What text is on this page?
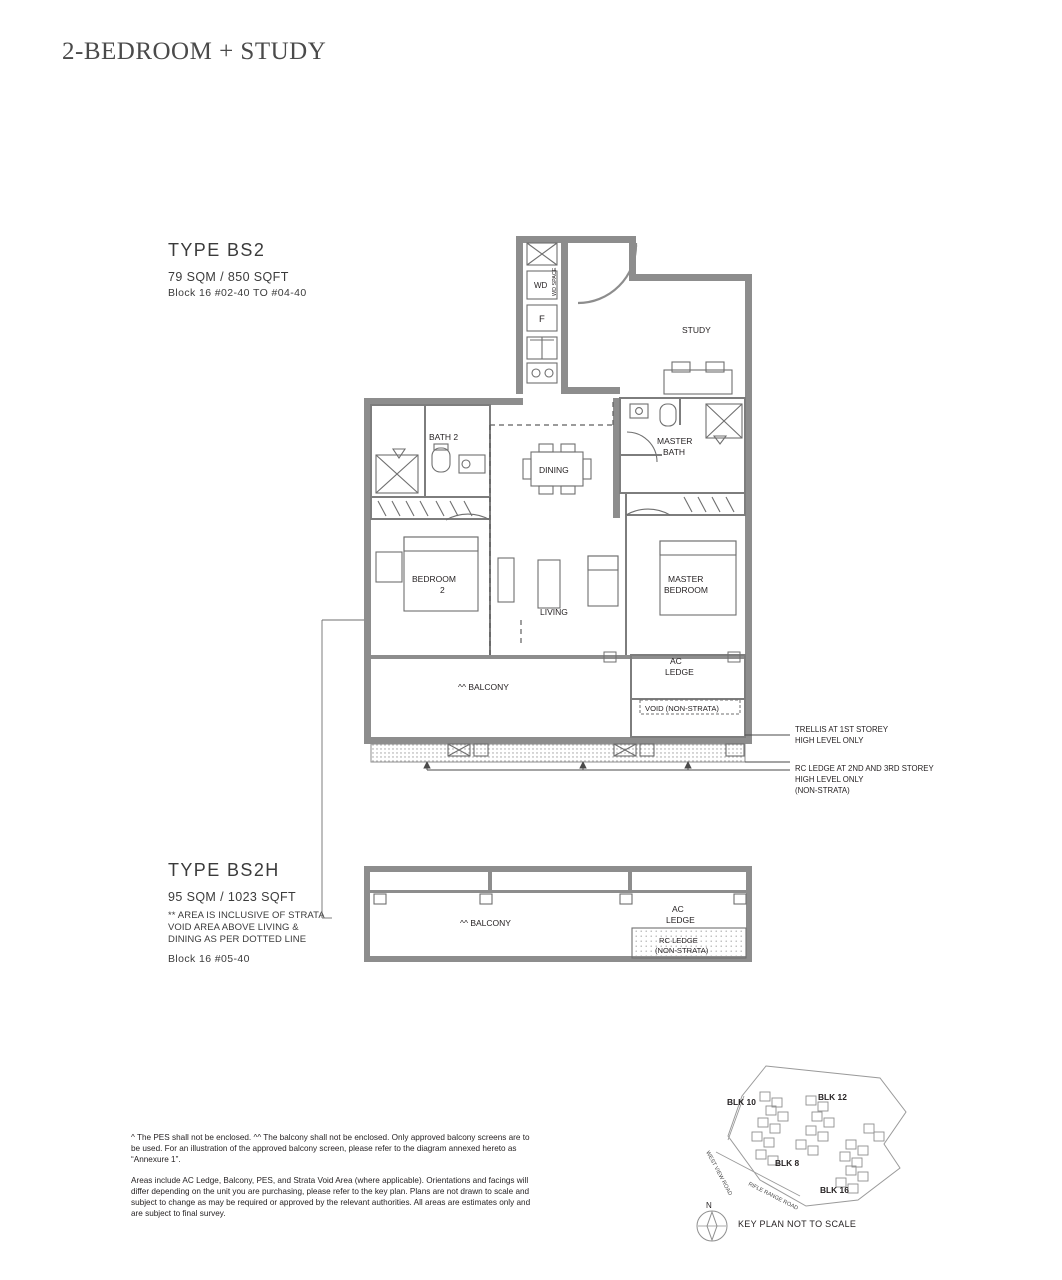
2-BEDROOM + STUDY
TYPE BS2
79 SQM / 850 SQFT
Block 16 #02-40 TO #04-40
TYPE BS2H
95 SQM / 1023 SQFT
** AREA IS INCLUSIVE OF STRATA VOID AREA ABOVE LIVING & DINING AS PER DOTTED LINE
Block 16 #05-40
WD
F
WD SPACE
STUDY
BATH 2
DINING
MASTER
BATH
BEDROOM
2
LIVING
MASTER
BEDROOM
AC
LEDGE
VOID (NON-STRATA)
^^ BALCONY
TRELLIS AT 1ST STOREY
HIGH LEVEL ONLY
RC LEDGE AT 2ND AND 3RD STOREY
HIGH LEVEL ONLY
(NON-STRATA)
^^ BALCONY
AC
LEDGE
RC LEDGE
(NON-STRATA)
BLK 10	BLK 12
BLK 8
BLK 16
WEST VIEW ROAD	RIFLE RANGE ROAD
N
KEY PLAN NOT TO SCALE

^ The PES shall not be enclosed. ^^ The balcony shall not be enclosed. Only approved balcony screens are to be used. For an illustration of the approved balcony screen, please refer to the diagram annexed hereto as “Annexure 1”.

Areas include AC Ledge, Balcony, PES, and Strata Void Area (where applicable). Orientations and facings will differ depending on the unit you are purchasing, please refer to the key plan. Plans are not drawn to scale and subject to change as may be required or approved by the relevant authorities. All areas are estimates only and are subject to final survey.
